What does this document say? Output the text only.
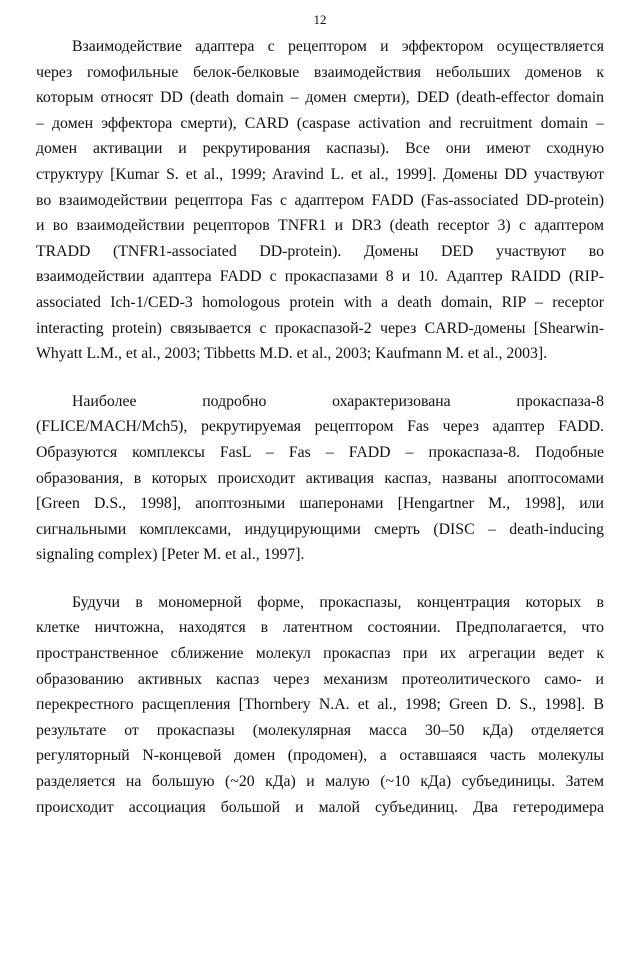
12
Взаимодействие адаптера с рецептором и эффектором осуществляется
через гомофильные белок-белковые взаимодействия небольших доменов к
которым относят DD (death domain – домен смерти), DED (death-effector domain
– домен эффектора смерти), CARD (caspase activation and recruitment domain –
домен активации и рекрутирования каспазы). Все они имеют сходную
структуру [Kumar S. et al., 1999; Aravind L. et al., 1999]. Домены DD участвуют
во взаимодействии рецептора Fas с адаптером FADD (Fas-associated DD-protein)
и во взаимодействии рецепторов TNFR1 и DR3 (death receptor 3) с адаптером
TRADD (TNFR1-associated DD-protein). Домены DED участвуют во
взаимодействии адаптера FADD с прокаспазами 8 и 10. Адаптер RAIDD (RIP-
associated Ich-1/CED-3 homologous protein with a death domain, RIP – receptor
interacting protein) связывается с прокаспазой-2 через CARD-домены [Shearwin-
Whyatt L.M., et al., 2003; Tibbetts M.D. et al., 2003; Kaufmann M. et al., 2003].
Наиболее подробно охарактеризована прокаспаза-8
(FLICE/MACH/Mch5), рекрутируемая рецептором Fas через адаптер FADD.
Образуются комплексы FasL – Fas – FADD – прокаспаза-8. Подобные
образования, в которых происходит активация каспаз, названы апоптосомами
[Green D.S., 1998], апоптозными шаперонами [Hengartner M., 1998], или
сигнальными комплексами, индуцирующими смерть (DISC – death-inducing
signaling complex) [Peter M. et al., 1997].
Будучи в мономерной форме, прокаспазы, концентрация которых в
клетке ничтожна, находятся в латентном состоянии. Предполагается, что
пространственное сближение молекул прокаспаз при их агрегации ведет к
образованию активных каспаз через механизм протеолитического само- и
перекрестного расщепления [Thornbery N.A. et al., 1998; Green D. S., 1998]. В
результате от прокаспазы (молекулярная масса 30–50 кДа) отделяется
регуляторный N-концевой домен (продомен), а оставшаяся часть молекулы
разделяется на большую (~20 кДа) и малую (~10 кДа) субъединицы. Затем
происходит ассоциация большой и малой субъединиц. Два гетеродимера
